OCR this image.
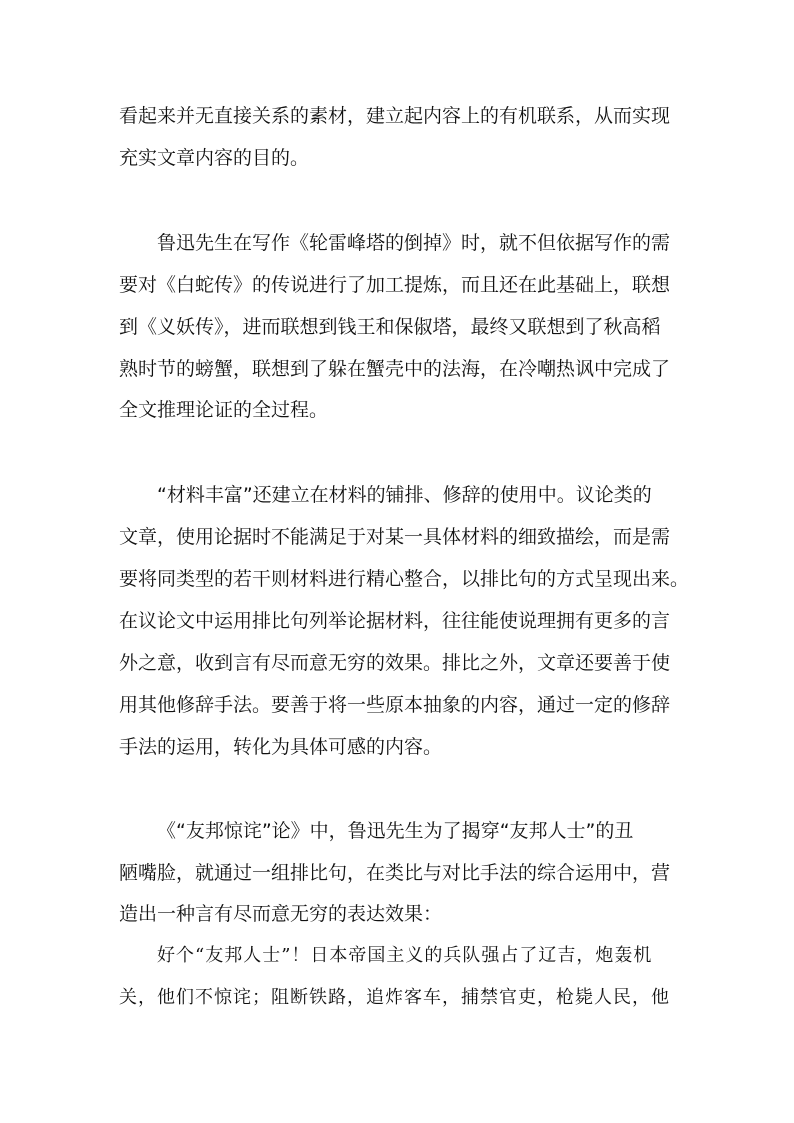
看起来并无直接关系的素材，建立起内容上的有机联系，从而实现

充实文章内容的目的。

鲁迅先生在写作《轮雷峰塔的倒掉》时，就不但依据写作的需

要对《白蛇传》的传说进行了加工提炼，而且还在此基础上，联想

到《义妖传》，进而联想到钱王和保俶塔，最终又联想到了秋高稻

熟时节的螃蟹，联想到了躲在蟹壳中的法海，在冷嘲热讽中完成了

全文推理论证的全过程。

“材料丰富”还建立在材料的铺排、修辞的使用中。议论类的

文章，使用论据时不能满足于对某一具体材料的细致描绘，而是需

要将同类型的若干则材料进行精心整合，以排比句的方式呈现出来。

在议论文中运用排比句列举论据材料，往往能使说理拥有更多的言

外之意，收到言有尽而意无穷的效果。排比之外，文章还要善于使

用其他修辞手法。要善于将一些原本抽象的内容，通过一定的修辞

手法的运用，转化为具体可感的内容。

《“友邦惊诧”论》中，鲁迅先生为了揭穿“友邦人士”的丑

陋嘴脸，就通过一组排比句，在类比与对比手法的综合运用中，营

造出一种言有尽而意无穷的表达效果：

好个“友邦人士”！日本帝国主义的兵队强占了辽吉，炮轰机

关，他们不惊诧；阻断铁路，追炸客车，捕禁官吏，枪毙人民，他
